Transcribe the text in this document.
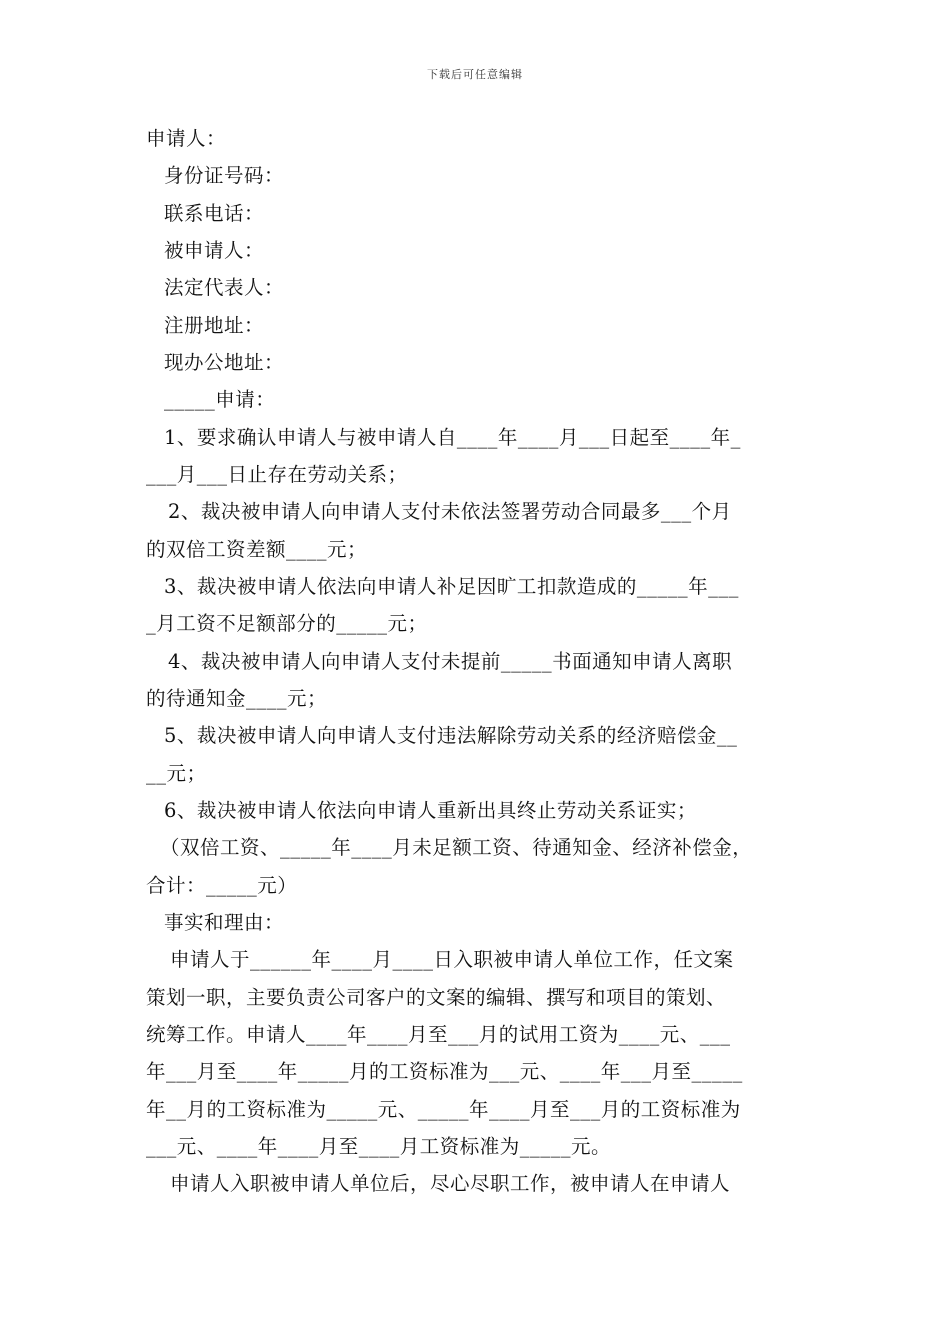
下载后可任意编辑
申请人：
身份证号码：
联系电话：
被申请人：
法定代表人：
注册地址：
现办公地址：
_____申请：
1、要求确认申请人与被申请人自____年____月___日起至____年_
___月___日止存在劳动关系；
2、裁决被申请人向申请人支付未依法签署劳动合同最多___个月
的双倍工资差额____元；
3、裁决被申请人依法向申请人补足因旷工扣款造成的_____年___
_月工资不足额部分的_____元；
4、裁决被申请人向申请人支付未提前_____书面通知申请人离职
的待通知金____元；
5、裁决被申请人向申请人支付违法解除劳动关系的经济赔偿金__
__元；
6、裁决被申请人依法向申请人重新出具终止劳动关系证实；
（双倍工资、_____年____月未足额工资、待通知金、经济补偿金，
合计：_____元）
事实和理由：
申请人于______年____月____日入职被申请人单位工作，任文案
策划一职，主要负责公司客户的文案的编辑、撰写和项目的策划、
统筹工作。申请人____年____月至___月的试用工资为____元、___
年___月至____年_____月的工资标准为___元、____年___月至_____
年__月的工资标准为_____元、_____年____月至___月的工资标准为
___元、____年____月至____月工资标准为_____元。
申请人入职被申请人单位后，尽心尽职工作，被申请人在申请人
